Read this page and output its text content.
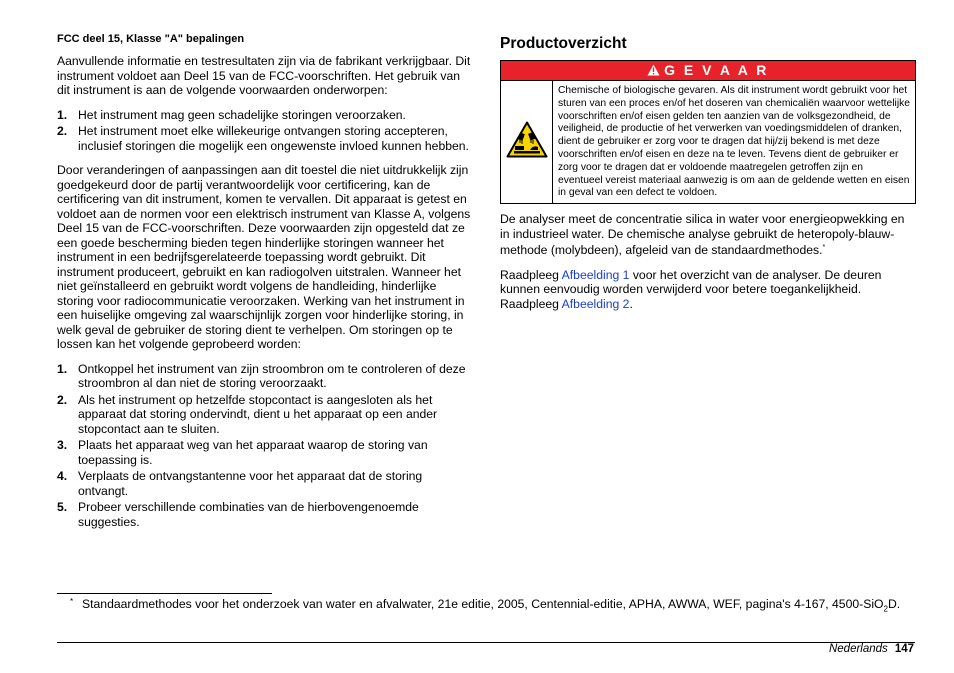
FCC deel 15, Klasse "A" bepalingen

Aanvullende informatie en testresultaten zijn via de fabrikant verkrijgbaar. Dit instrument voldoet aan Deel 15 van de FCC-voorschriften. Het gebruik van dit instrument is aan de volgende voorwaarden onderworpen:

1. Het instrument mag geen schadelijke storingen veroorzaken.
2. Het instrument moet elke willekeurige ontvangen storing accepteren, inclusief storingen die mogelijk een ongewenste invloed kunnen hebben.

Door veranderingen of aanpassingen aan dit toestel die niet uitdrukkelijk zijn goedgekeurd door de partij verantwoordelijk voor certificering, kan de certificering van dit instrument, komen te vervallen. Dit apparaat is getest en voldoet aan de normen voor een elektrisch instrument van Klasse A, volgens Deel 15 van de FCC-voorschriften. Deze voorwaarden zijn opgesteld dat ze een goede bescherming bieden tegen hinderlijke storingen wanneer het instrument in een bedrijfsgerelateerde toepassing wordt gebruikt. Dit instrument produceert, gebruikt en kan radiogolven uitstralen. Wanneer het niet geïnstalleerd en gebruikt wordt volgens de handleiding, hinderlijke storing voor radiocommunicatie veroorzaken. Werking van het instrument in een huiselijke omgeving zal waarschijnlijk zorgen voor hinderlijke storing, in welk geval de gebruiker de storing dient te verhelpen. Om storingen op te lossen kan het volgende geprobeerd worden:

1. Ontkoppel het instrument van zijn stroombron om te controleren of deze stroombron al dan niet de storing veroorzaakt.
2. Als het instrument op hetzelfde stopcontact is aangesloten als het apparaat dat storing ondervindt, dient u het apparaat op een ander stopcontact aan te sluiten.
3. Plaats het apparaat weg van het apparaat waarop de storing van toepassing is.
4. Verplaats de ontvangstantenne voor het apparaat dat de storing ontvangt.
5. Probeer verschillende combinaties van de hierbovengenoemde suggesties.
Productoverzicht
G E V A A R
Chemische of biologische gevaren. Als dit instrument wordt gebruikt voor het sturen van een proces en/of het doseren van chemicaliën waarvoor wettelijke voorschriften en/of eisen gelden ten aanzien van de volksgezondheid, de veiligheid, de productie of het verwerken van voedingsmiddelen of dranken, dient de gebruiker er zorg voor te dragen dat hij/zij bekend is met deze voorschriften en/of eisen en deze na te leven. Tevens dient de gebruiker er zorg voor te dragen dat er voldoende maatregelen getroffen zijn en eventueel vereist materiaal aanwezig is om aan de geldende wetten en eisen in geval van een defect te voldoen.

De analyser meet de concentratie silica in water voor energieopwekking en in industrieel water. De chemische analyse gebruikt de heteropoly-blauw-methode (molybdeen), afgeleid van de standaardmethodes.*

Raadpleeg Afbeelding 1 voor het overzicht van de analyser. De deuren kunnen eenvoudig worden verwijderd voor betere toegankelijkheid. Raadpleeg Afbeelding 2.

* Standaardmethodes voor het onderzoek van water en afvalwater, 21e editie, 2005, Centennial-editie, APHA, AWWA, WEF, pagina's 4-167, 4500-SiO$_2$D.
Nederlands 147
